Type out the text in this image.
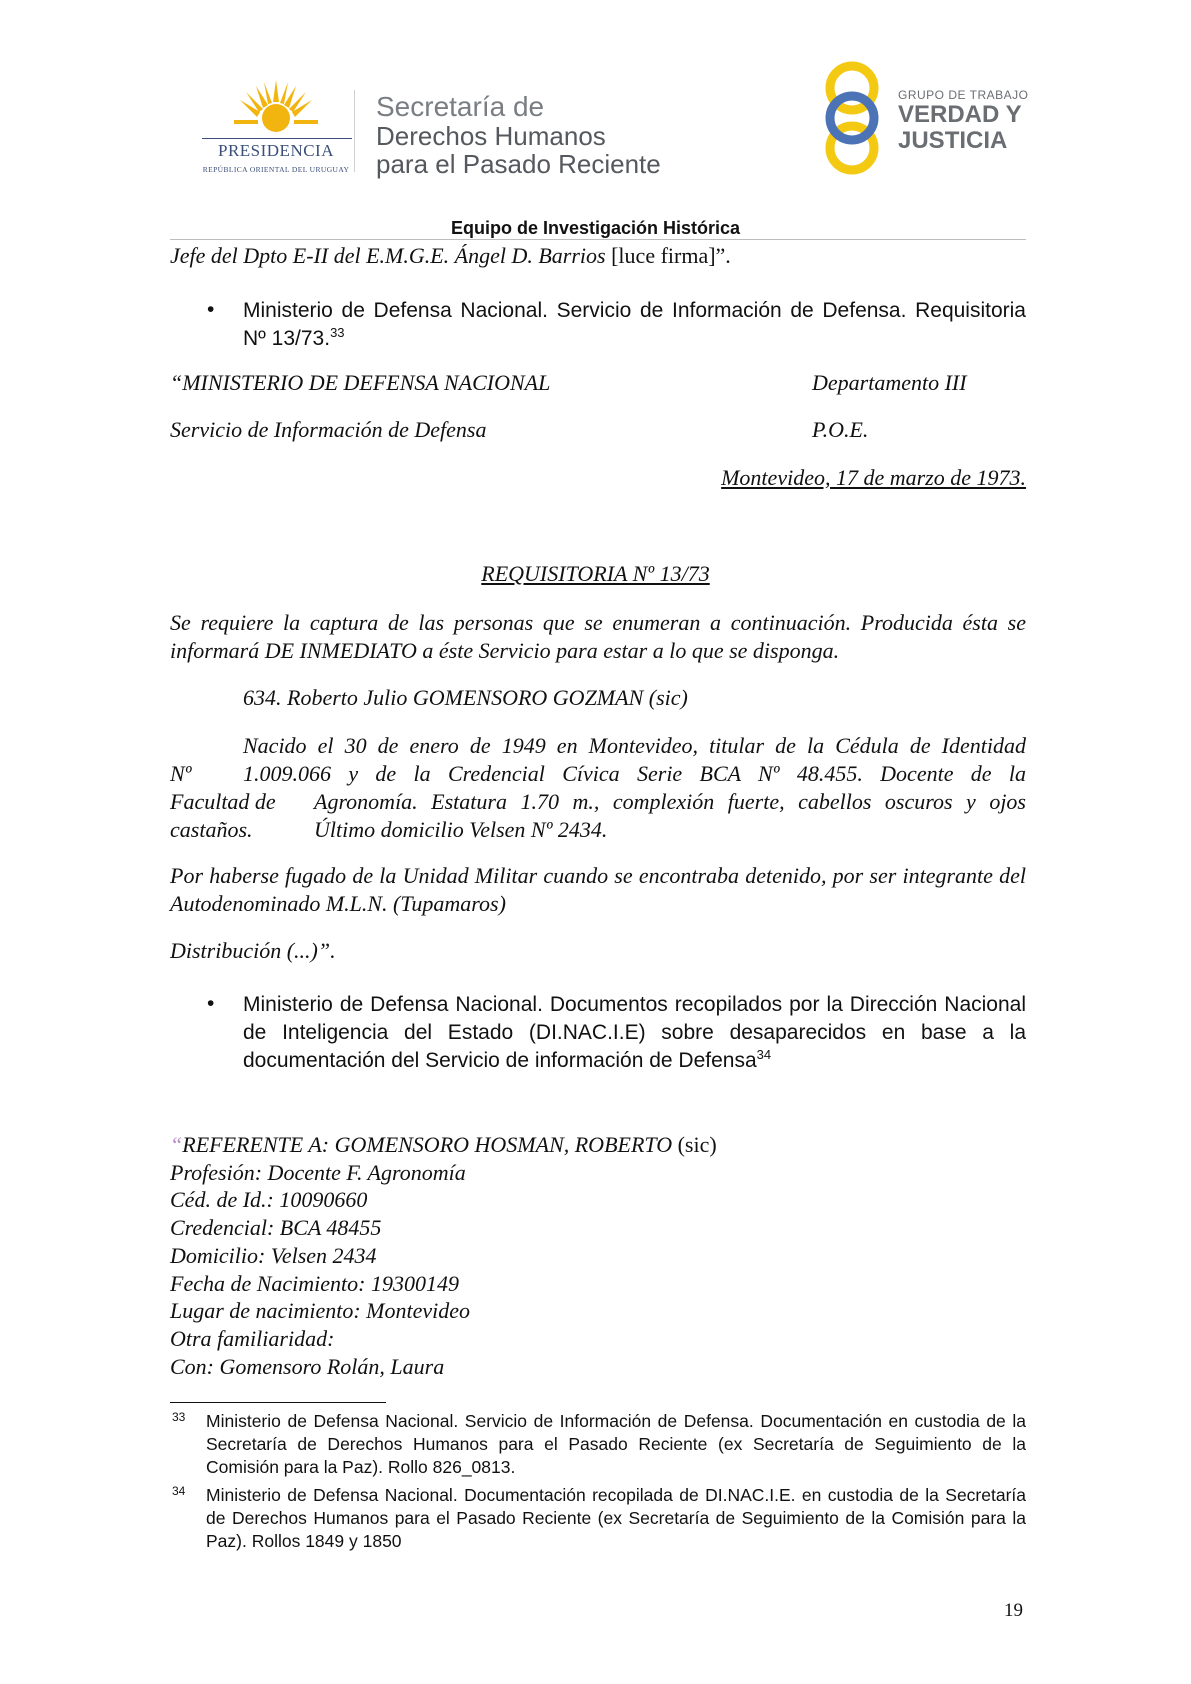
PRESIDENCIA
REPÚBLICA ORIENTAL DEL URUGUAY
Secretaría de
Derechos Humanos
para el Pasado Reciente
GRUPO DE TRABAJO
VERDAD Y
JUSTICIA
Equipo de Investigación Histórica
Jefe del Dpto E-II del E.M.G.E. Ángel D. Barrios [luce firma]”.
• Ministerio de Defensa Nacional. Servicio de Información de Defensa. Requisitoria Nº 13/73.33
“MINISTERIO DE DEFENSA NACIONAL	Departamento III
Servicio de Información de Defensa	P.O.E.
Montevideo, 17 de marzo de 1973.
REQUISITORIA Nº 13/73
Se requiere la captura de las personas que se enumeran a continuación. Producida ésta se informará DE INMEDIATO a éste Servicio para estar a lo que se disponga.
634. Roberto Julio GOMENSORO GOZMAN (sic)
Nacido el 30 de enero de 1949 en Montevideo, titular de la Cédula de Identidad
Nº	1.009.066 y de la Credencial Cívica Serie BCA Nº 48.455. Docente de la
Facultad de	Agronomía. Estatura 1.70 m., complexión fuerte, cabellos oscuros y ojos
castaños.	Último domicilio Velsen Nº 2434.
Por haberse fugado de la Unidad Militar cuando se encontraba detenido, por ser integrante del Autodenominado M.L.N. (Tupamaros)
Distribución (...)”.
• Ministerio de Defensa Nacional. Documentos recopilados por la Dirección Nacional de Inteligencia del Estado (DI.NAC.I.E) sobre desaparecidos en base a la documentación del Servicio de información de Defensa$^{34}$
“REFERENTE A: GOMENSORO HOSMAN, ROBERTO (sic)
Profesión: Docente F. Agronomía
Céd. de Id.: 10090660
Credencial: BCA 48455
Domicilio: Velsen 2434
Fecha de Nacimiento: 19300149
Lugar de nacimiento: Montevideo
Otra familiaridad:
Con: Gomensoro Rolán, Laura
33 Ministerio de Defensa Nacional. Servicio de Información de Defensa. Documentación en custodia de la Secretaría de Derechos Humanos para el Pasado Reciente (ex Secretaría de Seguimiento de la Comisión para la Paz). Rollo 826_0813.
34 Ministerio de Defensa Nacional. Documentación recopilada de DI.NAC.I.E. en custodia de la Secretaría de Derechos Humanos para el Pasado Reciente (ex Secretaría de Seguimiento de la Comisión para la Paz). Rollos 1849 y 1850
19
